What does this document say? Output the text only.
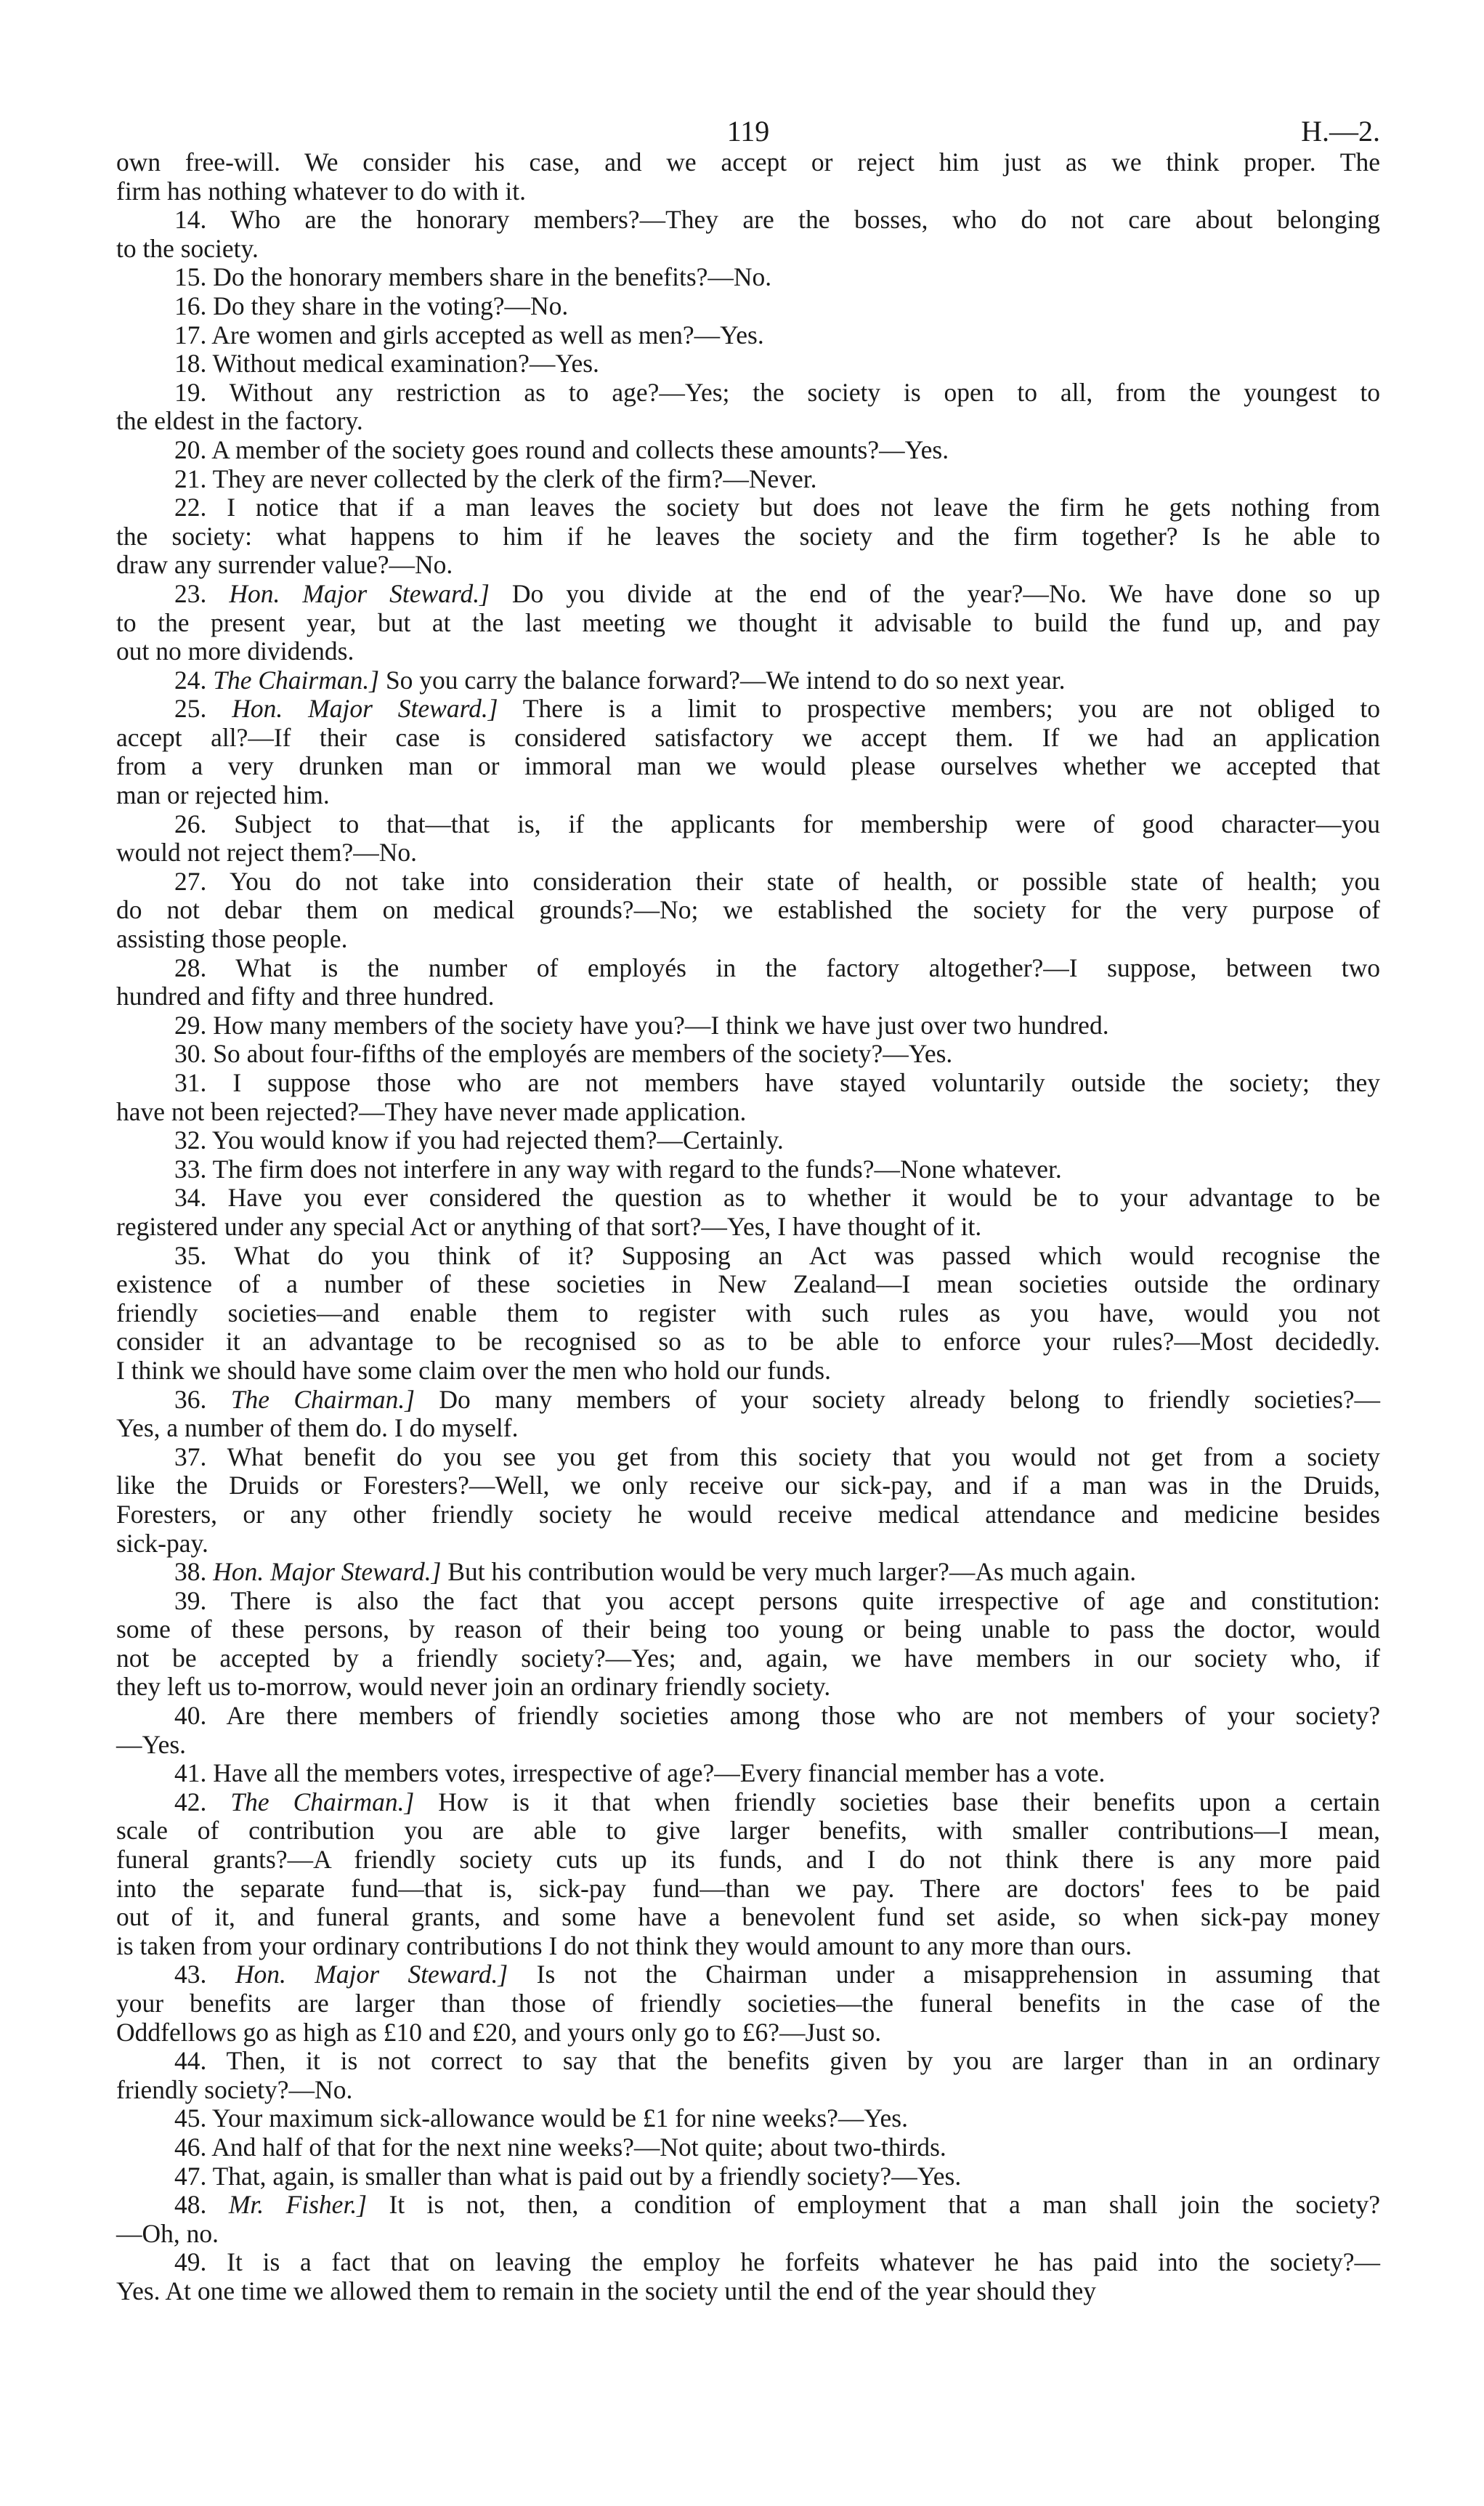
119	H.—2.

own free-will. We consider his case, and we accept or reject him just as we think proper. The

firm has nothing whatever to do with it.

14. Who are the honorary members?—They are the bosses, who do not care about belonging

to the society.

15. Do the honorary members share in the benefits?—No.

16. Do they share in the voting?—No.

17. Are women and girls accepted as well as men?—Yes.

18. Without medical examination?—Yes.

19. Without any restriction as to age?—Yes; the society is open to all, from the youngest to

the eldest in the factory.

20. A member of the society goes round and collects these amounts?—Yes.

21. They are never collected by the clerk of the firm?—Never.

22. I notice that if a man leaves the society but does not leave the firm he gets nothing from

the society: what happens to him if he leaves the society and the firm together? Is he able to

draw any surrender value?—No.

23. Hon. Major Steward.] Do you divide at the end of the year?—No. We have done so up

to the present year, but at the last meeting we thought it advisable to build the fund up, and pay

out no more dividends.

24. The Chairman.] So you carry the balance forward?—We intend to do so next year.

25. Hon. Major Steward.] There is a limit to prospective members; you are not obliged to

accept all?—If their case is considered satisfactory we accept them. If we had an application

from a very drunken man or immoral man we would please ourselves whether we accepted that

man or rejected him.

26. Subject to that—that is, if the applicants for membership were of good character—you

would not reject them?—No.

27. You do not take into consideration their state of health, or possible state of health; you

do not debar them on medical grounds?—No; we established the society for the very purpose of

assisting those people.

28. What is the number of employés in the factory altogether?—I suppose, between two

hundred and fifty and three hundred.

29. How many members of the society have you?—I think we have just over two hundred.

30. So about four-fifths of the employés are members of the society?—Yes.

31. I suppose those who are not members have stayed voluntarily outside the society; they

have not been rejected?—They have never made application.

32. You would know if you had rejected them?—Certainly.

33. The firm does not interfere in any way with regard to the funds?—None whatever.

34. Have you ever considered the question as to whether it would be to your advantage to be

registered under any special Act or anything of that sort?—Yes, I have thought of it.

35. What do you think of it? Supposing an Act was passed which would recognise the

existence of a number of these societies in New Zealand—I mean societies outside the ordinary

friendly societies—and enable them to register with such rules as you have, would you not

consider it an advantage to be recognised so as to be able to enforce your rules?—Most decidedly.

I think we should have some claim over the men who hold our funds.

36. The Chairman.] Do many members of your society already belong to friendly societies?—

Yes, a number of them do. I do myself.

37. What benefit do you see you get from this society that you would not get from a society

like the Druids or Foresters?—Well, we only receive our sick-pay, and if a man was in the Druids,

Foresters, or any other friendly society he would receive medical attendance and medicine besides

sick-pay.

38. Hon. Major Steward.] But his contribution would be very much larger?—As much again.

39. There is also the fact that you accept persons quite irrespective of age and constitution:

some of these persons, by reason of their being too young or being unable to pass the doctor, would

not be accepted by a friendly society?—Yes; and, again, we have members in our society who, if

they left us to-morrow, would never join an ordinary friendly society.

40. Are there members of friendly societies among those who are not members of your society?

—Yes.

41. Have all the members votes, irrespective of age?—Every financial member has a vote.

42. The Chairman.] How is it that when friendly societies base their benefits upon a certain

scale of contribution you are able to give larger benefits, with smaller contributions—I mean,

funeral grants?—A friendly society cuts up its funds, and I do not think there is any more paid

into the separate fund—that is, sick-pay fund—than we pay. There are doctors' fees to be paid

out of it, and funeral grants, and some have a benevolent fund set aside, so when sick-pay money

is taken from your ordinary contributions I do not think they would amount to any more than ours.

43. Hon. Major Steward.] Is not the Chairman under a misapprehension in assuming that

your benefits are larger than those of friendly societies—the funeral benefits in the case of the

Oddfellows go as high as £10 and £20, and yours only go to £6?—Just so.

44. Then, it is not correct to say that the benefits given by you are larger than in an ordinary

friendly society?—No.

45. Your maximum sick-allowance would be £1 for nine weeks?—Yes.

46. And half of that for the next nine weeks?—Not quite; about two-thirds.

47. That, again, is smaller than what is paid out by a friendly society?—Yes.

48. Mr. Fisher.] It is not, then, a condition of employment that a man shall join the society?

—Oh, no.

49. It is a fact that on leaving the employ he forfeits whatever he has paid into the society?—

Yes. At one time we allowed them to remain in the society until the end of the year should they
